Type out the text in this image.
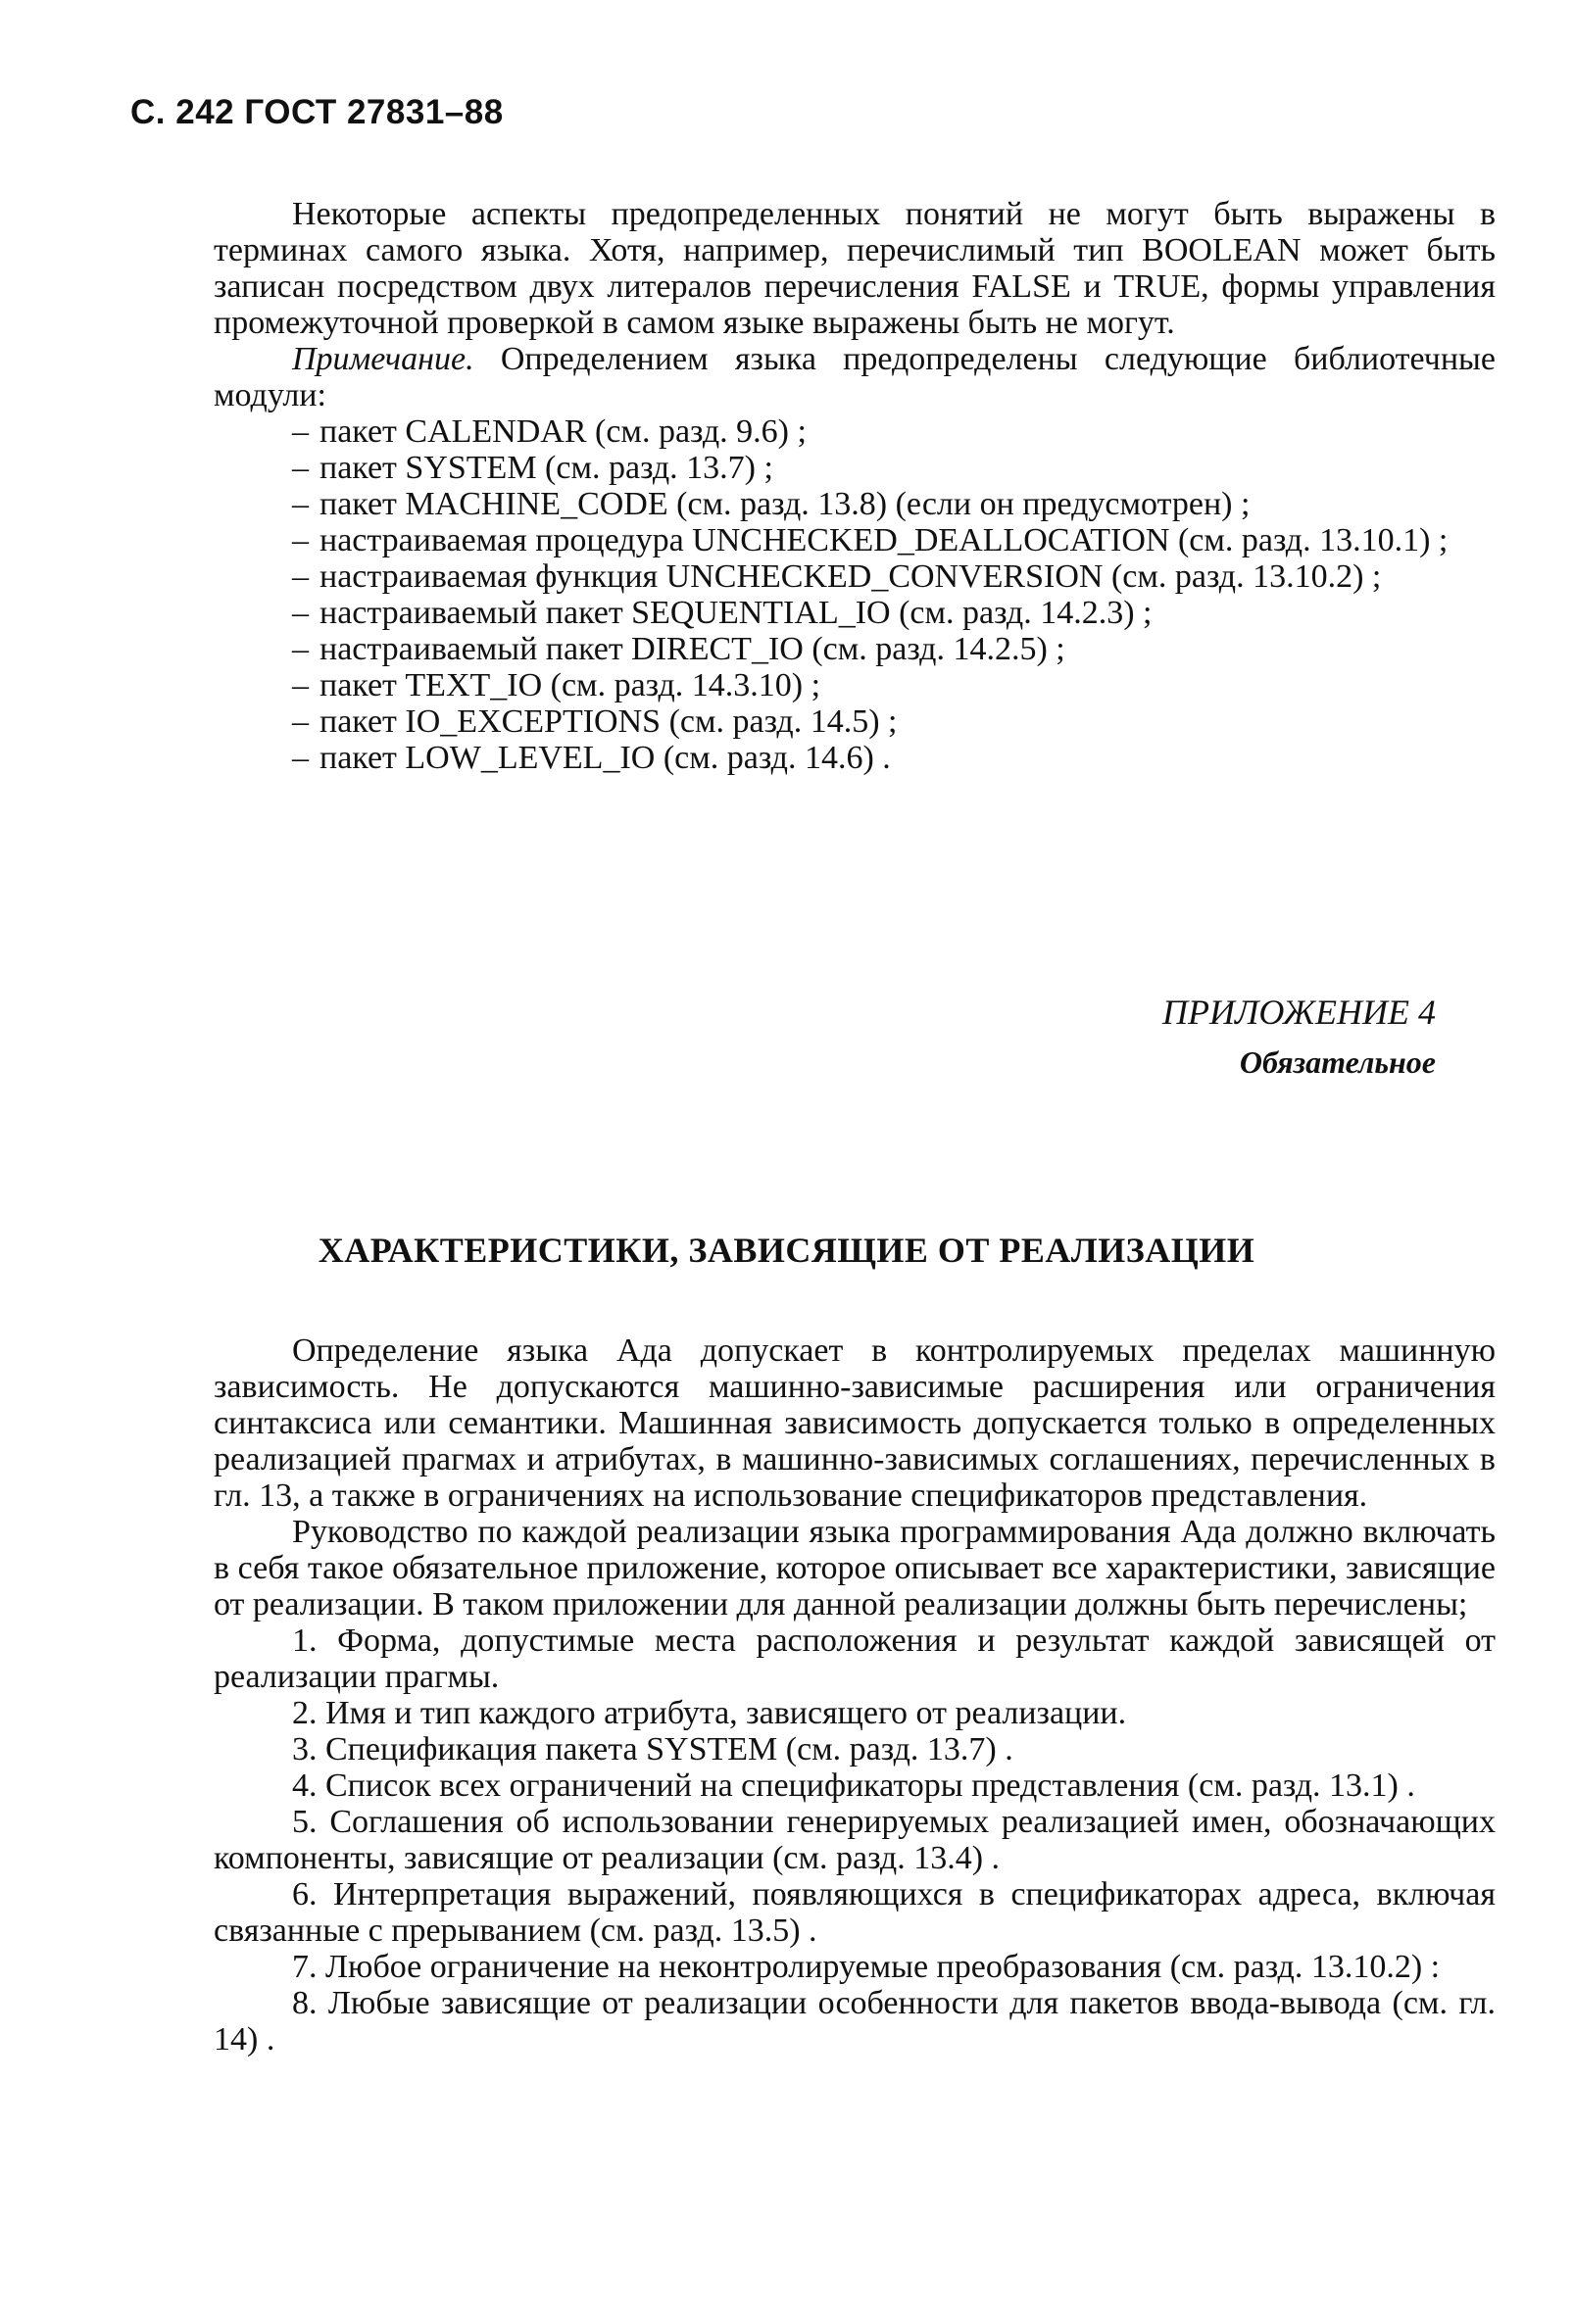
С. 242 ГОСТ 27831–88

Некоторые аспекты предопределенных понятий не могут быть выражены в терминах самого языка. Хотя, например, перечислимый тип BOOLEAN может быть записан посредством двух литералов перечисления FALSE и TRUE, формы управления промежуточной проверкой в самом языке выражены быть не могут.

Примечание. Определением языка предопределены следующие библиотечные модули:

– пакет CALENDAR (см. разд. 9.6) ;
– пакет SYSTEM (см. разд. 13.7) ;
– пакет MACHINE_CODE (см. разд. 13.8) (если он предусмотрен) ;
– настраиваемая процедура UNCHECKED_DEALLOCATION (см. разд. 13.10.1) ;
– настраиваемая функция UNCHECKED_CONVERSION (см. разд. 13.10.2) ;
– настраиваемый пакет SEQUENTIAL_IO (см. разд. 14.2.3) ;
– настраиваемый пакет DIRECT_IO (см. разд. 14.2.5) ;
– пакет TEXT_IO (см. разд. 14.3.10) ;
– пакет IO_EXCEPTIONS (см. разд. 14.5) ;
– пакет LOW_LEVEL_IO (см. разд. 14.6) .
ПРИЛОЖЕНИЕ 4
Обязательное
ХАРАКТЕРИСТИКИ, ЗАВИСЯЩИЕ ОТ РЕАЛИЗАЦИИ

Определение языка Ада допускает в контролируемых пределах машинную зависимость. Не допускаются машинно-зависимые расширения или ограничения синтаксиса или семантики. Машинная зависимость допускается только в определенных реализацией прагмах и атрибутах, в машинно-зависимых соглашениях, перечисленных в гл. 13, а также в ограничениях на использование спецификаторов представления.

Руководство по каждой реализации языка программирования Ада должно включать в себя такое обязательное приложение, которое описывает все характеристики, зависящие от реализации. В таком приложении для данной реализации должны быть перечислены;

1. Форма, допустимые места расположения и результат каждой зависящей от реализации прагмы.

2. Имя и тип каждого атрибута, зависящего от реализации.

3. Спецификация пакета SYSTEM (см. разд. 13.7) .

4. Список всех ограничений на спецификаторы представления (см. разд. 13.1) .

5. Соглашения об использовании генерируемых реализацией имен, обозначающих компоненты, зависящие от реализации (см. разд. 13.4) .

6. Интерпретация выражений, появляющихся в спецификаторах адреса, включая связанные с прерыванием (см. разд. 13.5) .

7. Любое ограничение на неконтролируемые преобразования (см. разд. 13.10.2) :

8. Любые зависящие от реализации особенности для пакетов ввода-вывода (см. гл. 14) .
